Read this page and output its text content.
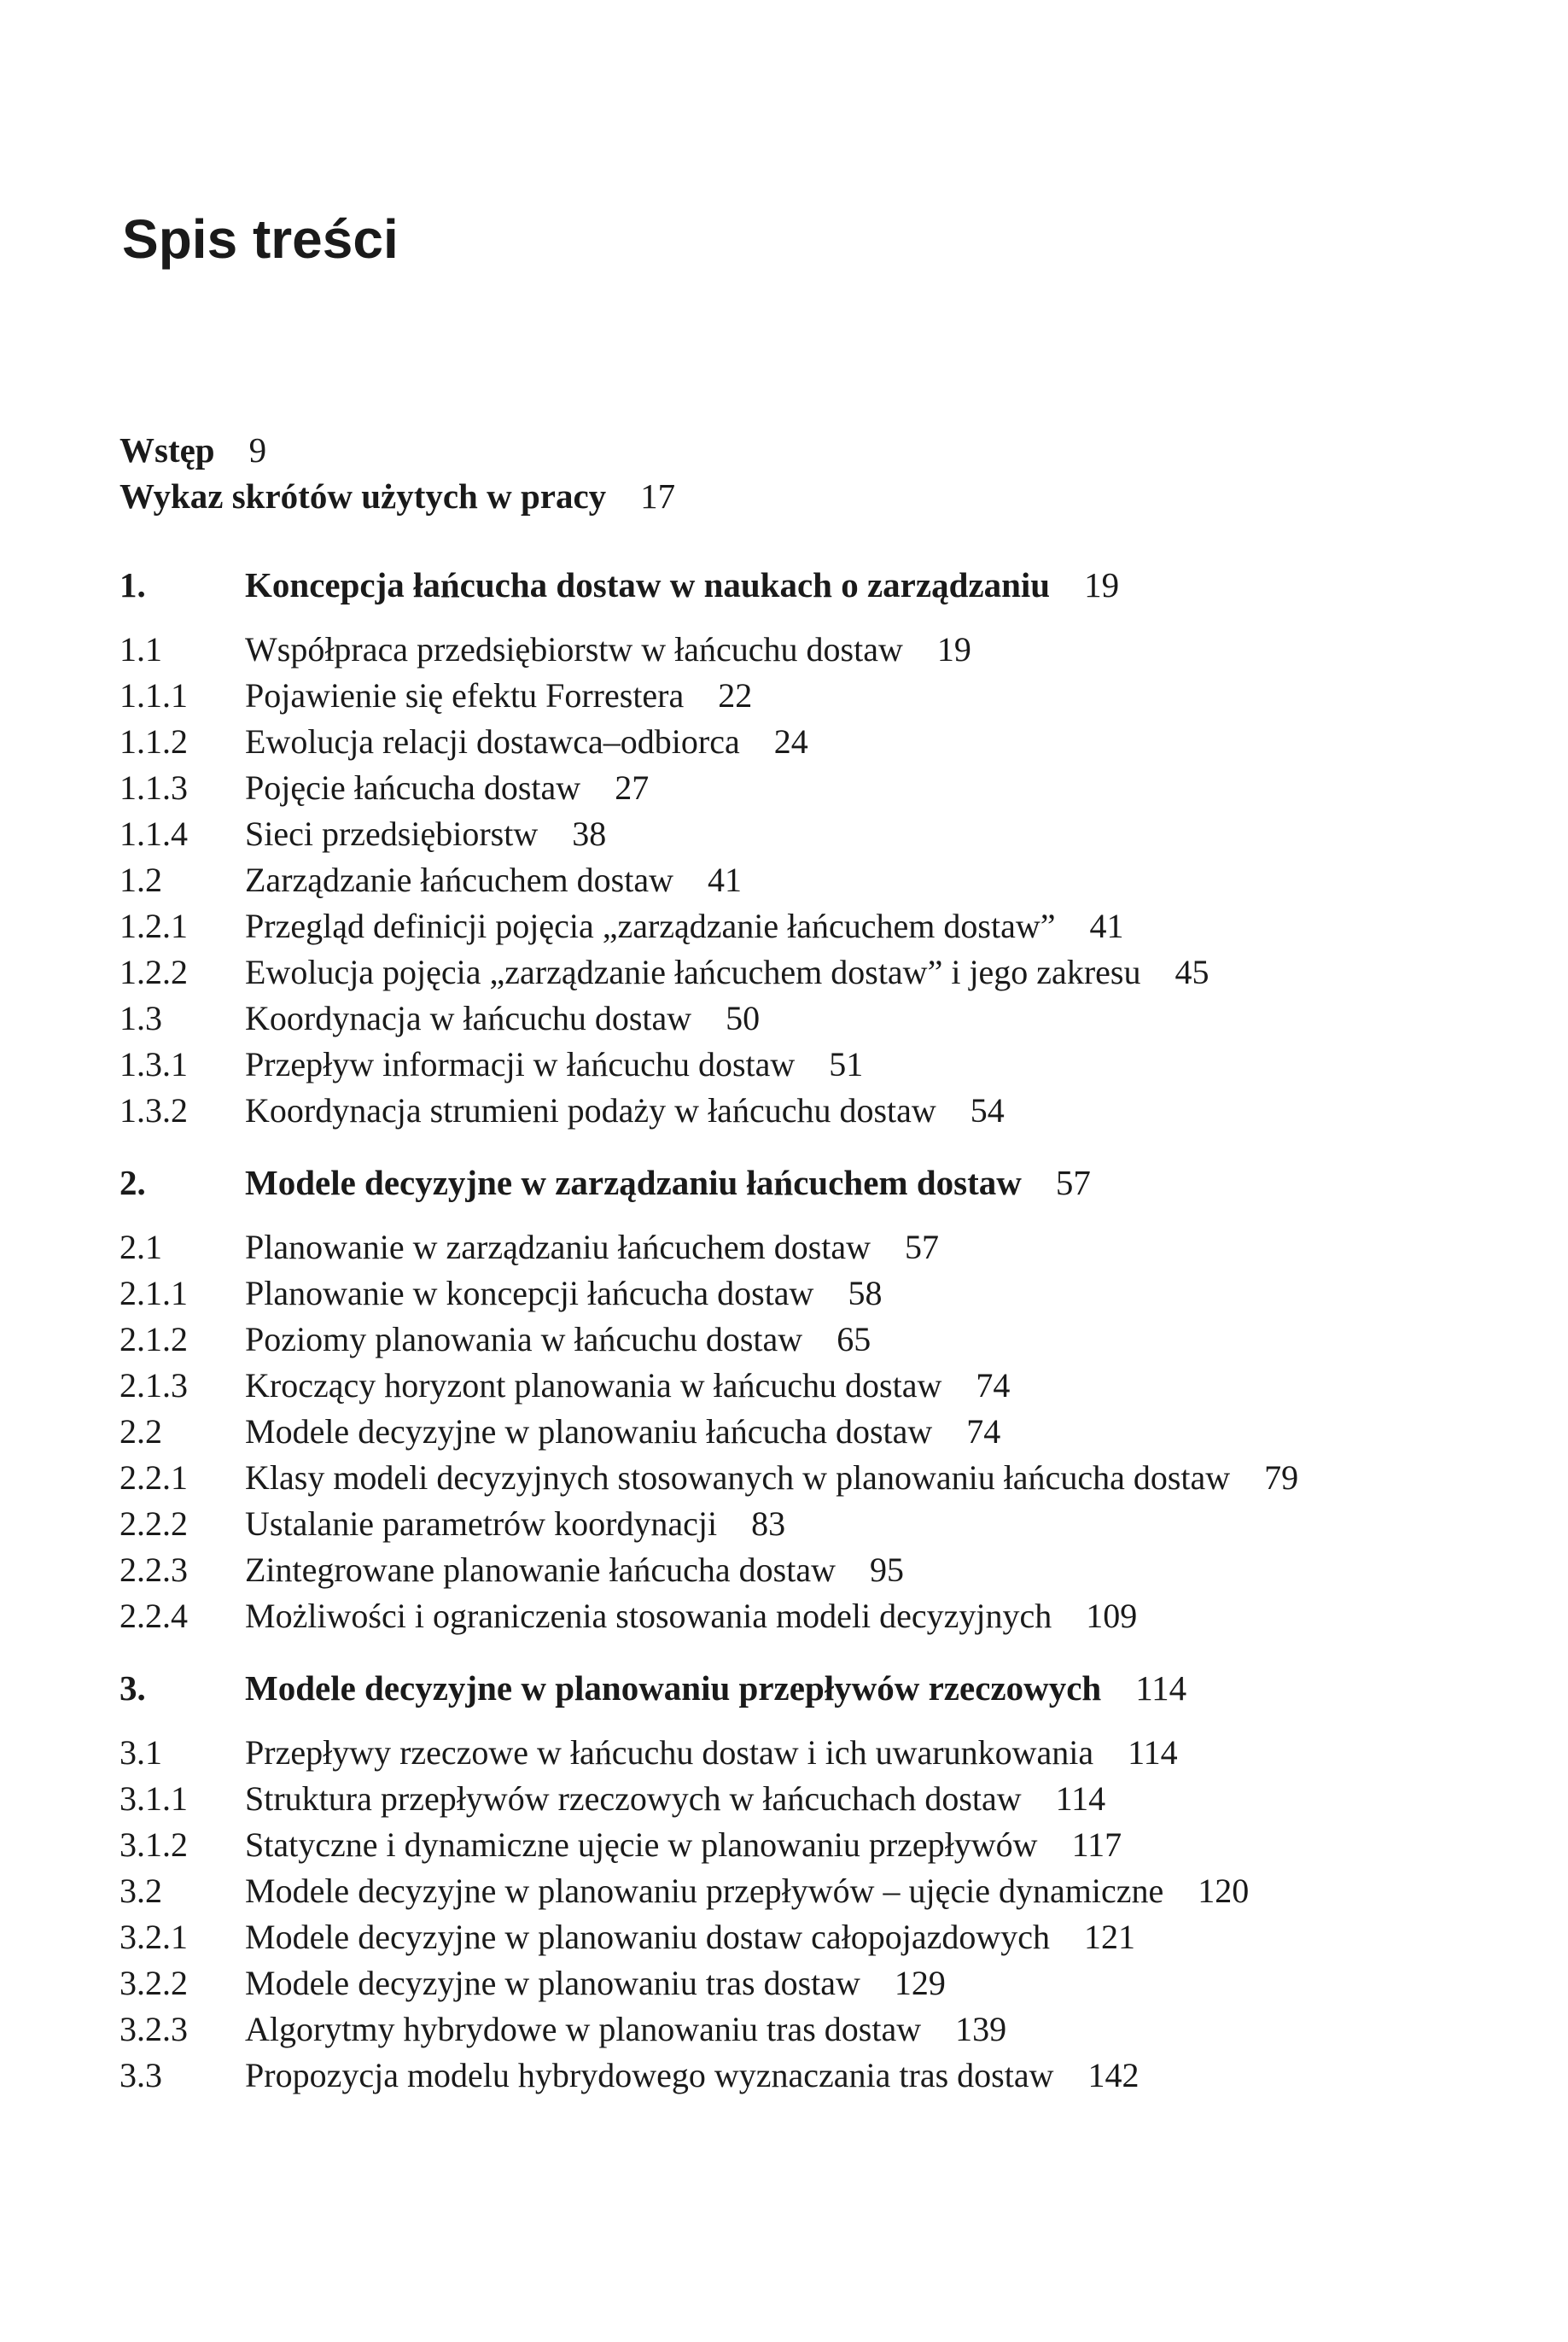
Spis treści
Wstęp 9
Wykaz skrótów użytych w pracy 17
1.	Koncepcja łańcucha dostaw w naukach o zarządzaniu 19
1.1	Współpraca przedsiębiorstw w łańcuchu dostaw 19
1.1.1	Pojawienie się efektu Forrestera 22
1.1.2	Ewolucja relacji dostawca–odbiorca 24
1.1.3	Pojęcie łańcucha dostaw 27
1.1.4	Sieci przedsiębiorstw 38
1.2	Zarządzanie łańcuchem dostaw 41
1.2.1	Przegląd definicji pojęcia „zarządzanie łańcuchem dostaw” 41
1.2.2	Ewolucja pojęcia „zarządzanie łańcuchem dostaw” i jego zakresu 45
1.3	Koordynacja w łańcuchu dostaw 50
1.3.1	Przepływ informacji w łańcuchu dostaw 51
1.3.2	Koordynacja strumieni podaży w łańcuchu dostaw 54
2.	Modele decyzyjne w zarządzaniu łańcuchem dostaw 57
2.1	Planowanie w zarządzaniu łańcuchem dostaw 57
2.1.1	Planowanie w koncepcji łańcucha dostaw 58
2.1.2	Poziomy planowania w łańcuchu dostaw 65
2.1.3	Kroczący horyzont planowania w łańcuchu dostaw 74
2.2	Modele decyzyjne w planowaniu łańcucha dostaw 74
2.2.1	Klasy modeli decyzyjnych stosowanych w planowaniu łańcucha dostaw 79
2.2.2	Ustalanie parametrów koordynacji 83
2.2.3	Zintegrowane planowanie łańcucha dostaw 95
2.2.4	Możliwości i ograniczenia stosowania modeli decyzyjnych 109
3.	Modele decyzyjne w planowaniu przepływów rzeczowych 114
3.1	Przepływy rzeczowe w łańcuchu dostaw i ich uwarunkowania 114
3.1.1	Struktura przepływów rzeczowych w łańcuchach dostaw 114
3.1.2	Statyczne i dynamiczne ujęcie w planowaniu przepływów 117
3.2	Modele decyzyjne w planowaniu przepływów – ujęcie dynamiczne 120
3.2.1	Modele decyzyjne w planowaniu dostaw całopojazdowych 121
3.2.2	Modele decyzyjne w planowaniu tras dostaw 129
3.2.3	Algorytmy hybrydowe w planowaniu tras dostaw 139
3.3	Propozycja modelu hybrydowego wyznaczania tras dostaw 142
